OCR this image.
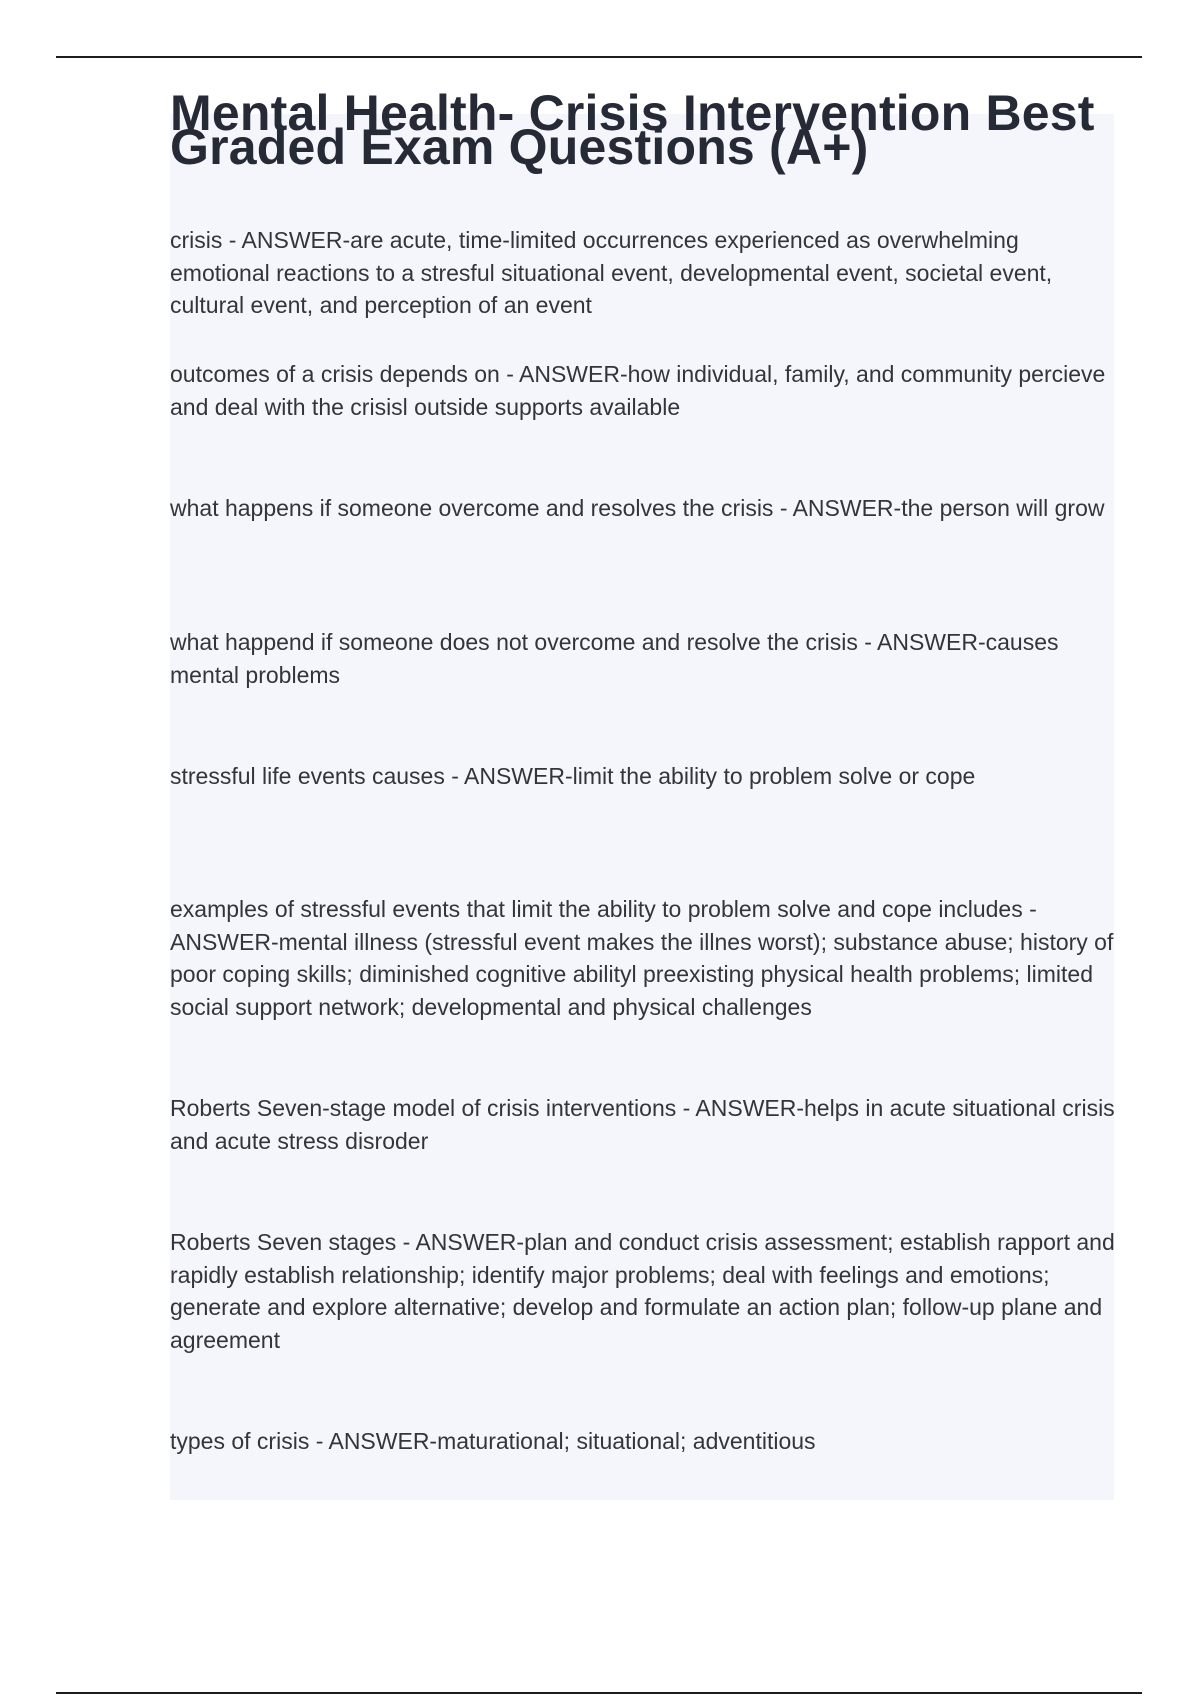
Mental Health- Crisis Intervention Best Graded Exam Questions (A+)

crisis - ANSWER-are acute, time-limited occurrences experienced as overwhelming emotional reactions to a stresful situational event, developmental event, societal event, cultural event, and perception of an event

outcomes of a crisis depends on - ANSWER-how individual, family, and community percieve and deal with the crisisl outside supports available

what happens if someone overcome and resolves the crisis - ANSWER-the person will grow

what happend if someone does not overcome and resolve the crisis - ANSWER-causes mental problems

stressful life events causes - ANSWER-limit the ability to problem solve or cope

examples of stressful events that limit the ability to problem solve and cope includes - ANSWER-mental illness (stressful event makes the illnes worst); substance abuse; history of poor coping skills; diminished cognitive abilityl preexisting physical health problems; limited social support network; developmental and physical challenges

Roberts Seven-stage model of crisis interventions - ANSWER-helps in acute situational crisis and acute stress disroder

Roberts Seven stages - ANSWER-plan and conduct crisis assessment; establish rapport and rapidly establish relationship; identify major problems; deal with feelings and emotions; generate and explore alternative; develop and formulate an action plan; follow-up plane and agreement

types of crisis - ANSWER-maturational; situational; adventitious
